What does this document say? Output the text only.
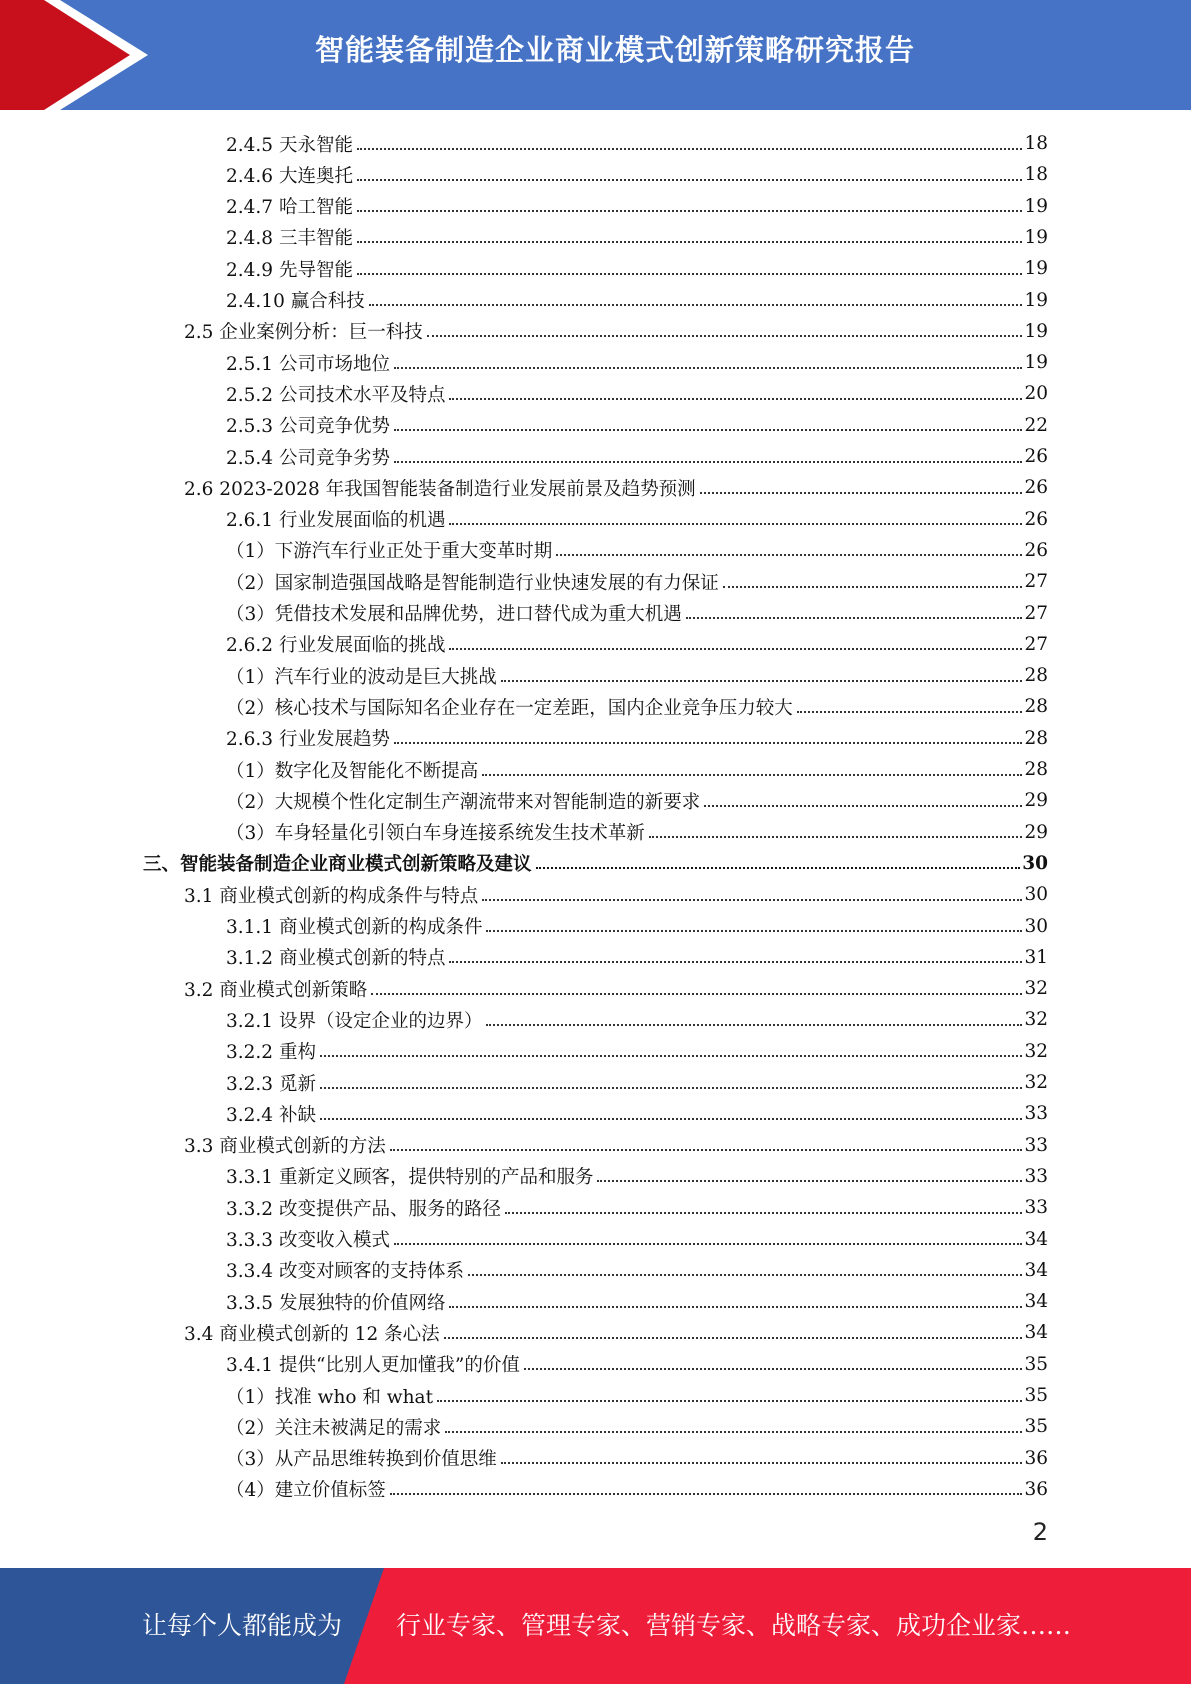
智能装备制造企业商业模式创新策略研究报告
2.4.5 天永智能	18
2.4.6 大连奥托	18
2.4.7 哈工智能	19
2.4.8 三丰智能	19
2.4.9 先导智能	19
2.4.10 赢合科技	19
2.5 企业案例分析：巨一科技	19
2.5.1 公司市场地位	19
2.5.2 公司技术水平及特点	20
2.5.3 公司竞争优势	22
2.5.4 公司竞争劣势	26
2.6 2023-2028 年我国智能装备制造行业发展前景及趋势预测	26
2.6.1 行业发展面临的机遇	26
（1）下游汽车行业正处于重大变革时期	26
（2）国家制造强国战略是智能制造行业快速发展的有力保证	27
（3）凭借技术发展和品牌优势，进口替代成为重大机遇	27
2.6.2 行业发展面临的挑战	27
（1）汽车行业的波动是巨大挑战	28
（2）核心技术与国际知名企业存在一定差距，国内企业竞争压力较大	28
2.6.3 行业发展趋势	28
（1）数字化及智能化不断提高	28
（2）大规模个性化定制生产潮流带来对智能制造的新要求	29
（3）车身轻量化引领白车身连接系统发生技术革新	29
三、智能装备制造企业商业模式创新策略及建议	30
3.1 商业模式创新的构成条件与特点	30
3.1.1 商业模式创新的构成条件	30
3.1.2 商业模式创新的特点	31
3.2 商业模式创新策略	32
3.2.1 设界（设定企业的边界）	32
3.2.2 重构	32
3.2.3 觅新	32
3.2.4 补缺	33
3.3 商业模式创新的方法	33
3.3.1 重新定义顾客，提供特别的产品和服务	33
3.3.2 改变提供产品、服务的路径	33
3.3.3 改变收入模式	34
3.3.4 改变对顾客的支持体系	34
3.3.5 发展独特的价值网络	34
3.4 商业模式创新的 12 条心法	34
3.4.1 提供“比别人更加懂我”的价值	35
（1）找准 who 和 what	35
（2）关注未被满足的需求	35
（3）从产品思维转换到价值思维	36
（4）建立价值标签	36
2
让每个人都能成为 行业专家、管理专家、营销专家、战略专家、成功企业家……
